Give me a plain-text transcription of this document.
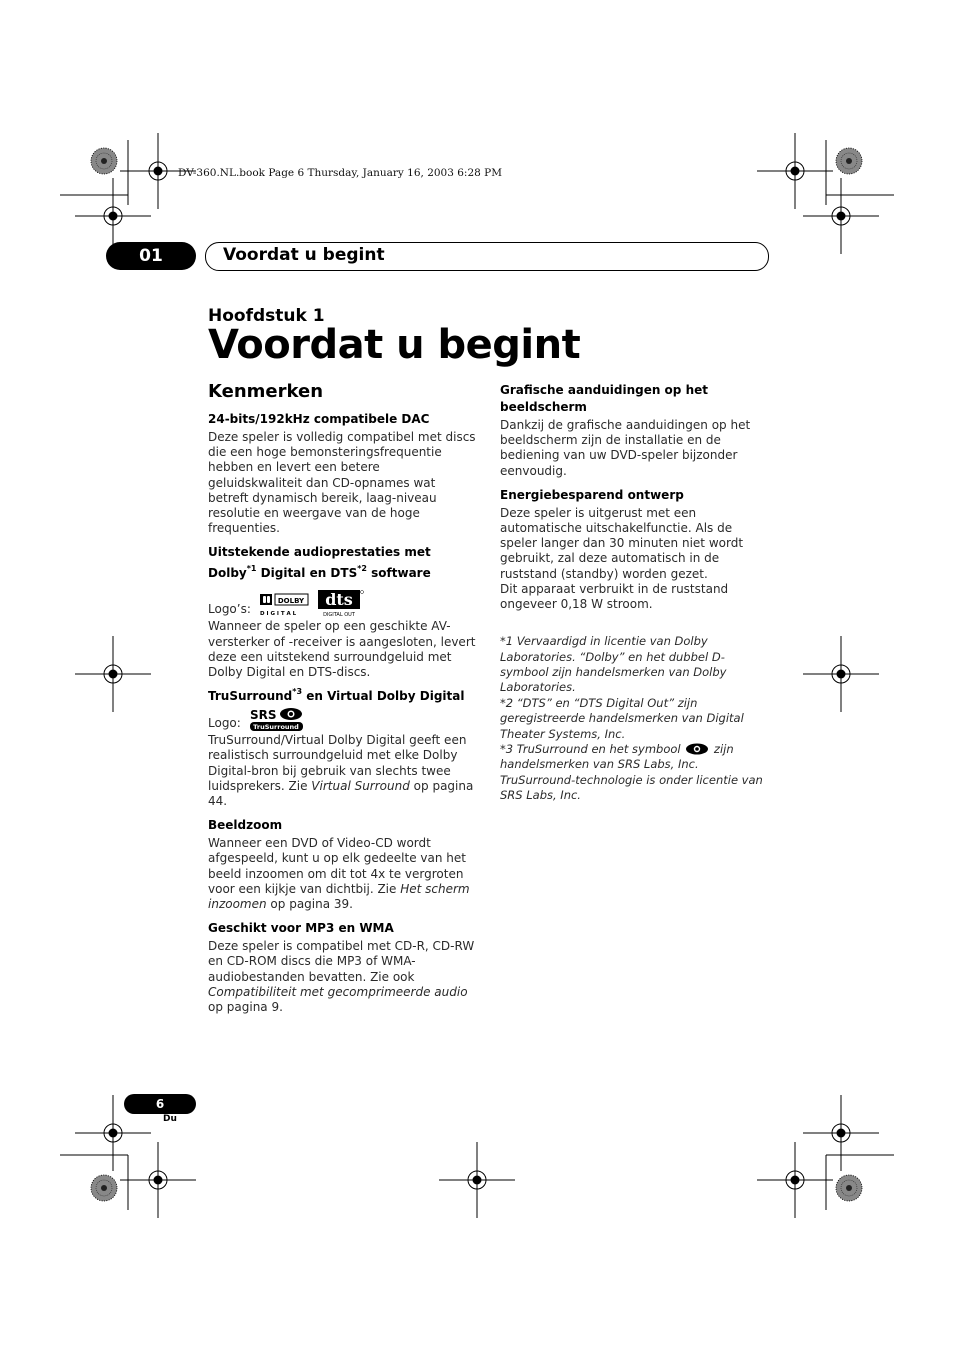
DV-360.NL.book Page 6 Thursday, January 16, 2003 6:28 PM
01	Voordat u begint
Hoofdstuk 1
Voordat u begint
Kenmerken
24-bits/192kHz compatibele DAC

Deze speler is volledig compatibel met discs die een hoge bemonsteringsfrequentie hebben en levert een betere geluidskwaliteit dan CD-opnames wat betreft dynamisch bereik, laag-niveau resolutie en weergave van de hoge frequenties.

Uitstekende audioprestaties met
Dolby$^{*1}$ Digital en DTS$^{*2}$ software
Logo’s:
DOLBY
D I G I T A L
dts
DIGITAL OUT

Wanneer de speler op een geschikte AV-versterker of -receiver is aangesloten, levert deze een uitstekend surroundgeluid met Dolby Digital en DTS-discs.

TruSurround$^{*3}$ en Virtual Dolby Digital
Logo:
SRS
TruSurround

TruSurround/Virtual Dolby Digital geeft een realistisch surroundgeluid met elke Dolby Digital-bron bij gebruik van slechts twee luidsprekers. Zie Virtual Surround op pagina 44.

Beeldzoom

Wanneer een DVD of Video-CD wordt afgespeeld, kunt u op elk gedeelte van het beeld inzoomen om dit tot 4x te vergroten voor een kijkje van dichtbij. Zie Het scherm inzoomen op pagina 39.

Geschikt voor MP3 en WMA

Deze speler is compatibel met CD-R, CD-RW en CD-ROM discs die MP3 of WMA-audiobestanden bevatten. Zie ook Compatibiliteit met gecomprimeerde audio op pagina 9.

Grafische aanduidingen op het beeldscherm

Dankzij de grafische aanduidingen op het beeldscherm zijn de installatie en de bediening van uw DVD-speler bijzonder eenvoudig.

Energiebesparend ontwerp

Deze speler is uitgerust met een automatische uitschakelfunctie. Als de speler langer dan 30 minuten niet wordt gebruikt, zal deze automatisch in de ruststand (standby) worden gezet.

Dit apparaat verbruikt in de ruststand ongeveer 0,18 W stroom.

*1 Vervaardigd in licentie van Dolby Laboratories. “Dolby” en het dubbel D-symbool zijn handelsmerken van Dolby Laboratories.

*2 “DTS” en “DTS Digital Out” zijn geregistreerde handelsmerken van Digital Theater Systems, Inc.

*3 TruSurround en het symbool  zijn handelsmerken van SRS Labs, Inc.

TruSurround-technologie is onder licentie van SRS Labs, Inc.

6
Du
